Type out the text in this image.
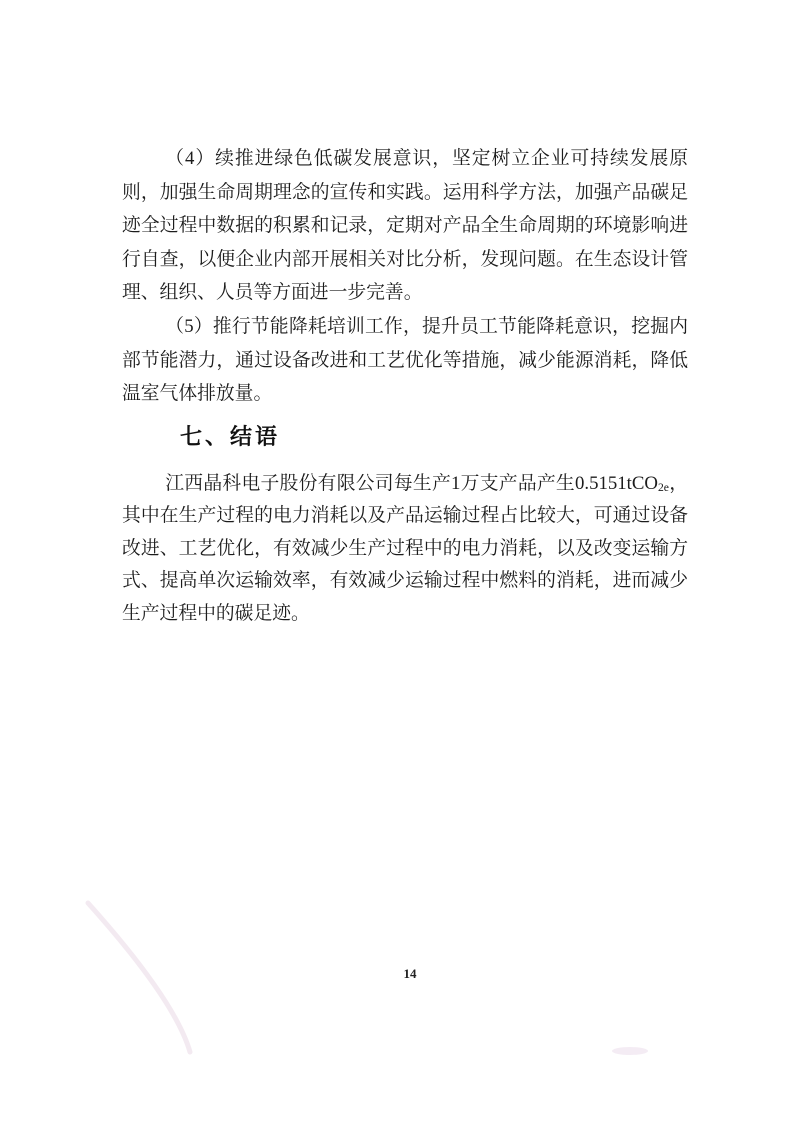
（4）续推进绿色低碳发展意识，坚定树立企业可持续发展原则，加强生命周期理念的宣传和实践。运用科学方法，加强产品碳足迹全过程中数据的积累和记录，定期对产品全生命周期的环境影响进行自查，以便企业内部开展相关对比分析，发现问题。在生态设计管理、组织、人员等方面进一步完善。

（5）推行节能降耗培训工作，提升员工节能降耗意识，挖掘内部节能潜力，通过设备改进和工艺优化等措施，减少能源消耗，降低温室气体排放量。

七、结语

江西晶科电子股份有限公司每生产1万支产品产生0.5151tCO$_{2e}$，其中在生产过程的电力消耗以及产品运输过程占比较大，可通过设备改进、工艺优化，有效减少生产过程中的电力消耗，以及改变运输方式、提高单次运输效率，有效减少运输过程中燃料的消耗，进而减少生产过程中的碳足迹。

14
